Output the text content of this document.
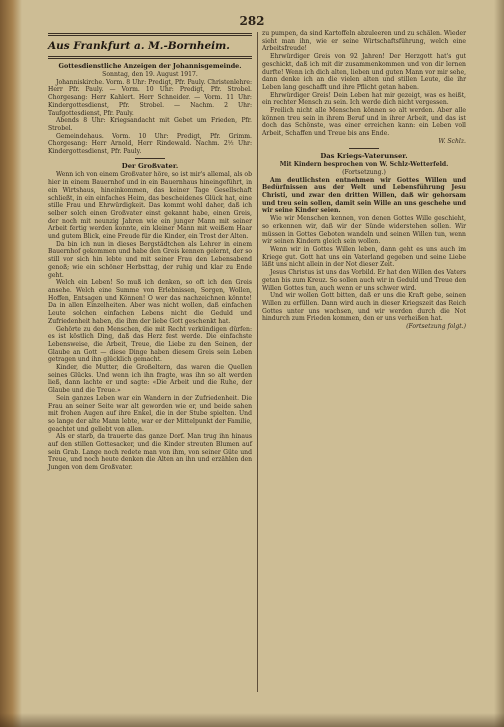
282
Aus Frankfurt a. M.-Bornheim.
Gottesdienstliche Anzeigen der Johannisgemeinde.
Sonntag, den 19. August 1917.

Johanniskirche. Vorm. 8 Uhr: Predigt, Pfr. Pauly. Christenlehre: Herr Pfr. Pauly. — Vorm. 10 Uhr: Predigt, Pfr. Strobel. Chorgesang: Herr Kahlert. Herr Schneider. — Vorm. 11 Uhr: Kindergottesdienst, Pfr. Strobel. — Nachm. 2 Uhr: Taufgottesdienst, Pfr. Pauly.

Abends 8 Uhr: Kriegsandacht mit Gebet um Frieden, Pfr. Strobel.

Gemeindehaus. Vorm. 10 Uhr: Predigt, Pfr. Grimm. Chorgesang: Herr Arnold, Herr Rindewald. Nachm. 2½ Uhr: Kindergottesdienst, Pfr. Pauly.

Der Großvater.

Wenn ich von einem Großvater höre, so ist mir's allemal, als ob hier in einem Bauernhof und in ein Bauernhaus hineingeführt, in ein Wirtshaus, hineinkommen, das keiner Tage Gesellschaft schließt, in ein einfaches Heim, das bescheidenes Glück hat, eine stille Frau und Ehrwürdigkeit. Das kommt wohl daher, daß ich selber solch einen Großvater einst gekannt habe, einen Greis, der noch mit neunzig Jahren wie ein junger Mann mit seiner Arbeit fertig werden konnte, ein kleiner Mann mit weißem Haar und gutem Blick, eine Freude für die Kinder, ein Trost der Alten.

Da bin ich nun in dieses Bergstädtchen als Lehrer in einem Bauernhof gekommen und habe den Greis kennen gelernt, der so still vor sich hin lebte und mit seiner Frau den Lebensabend genoß; wie ein schöner Herbsttag, der ruhig und klar zu Ende geht.

Welch ein Leben! So muß ich denken, so oft ich den Greis ansehe. Welch eine Summe von Erlebnissen, Sorgen, Wollen, Hoffen, Entsagen und Können! O wer das nachzeichnen könnte! Da in allen Einzelheiten. Aber was nicht wollen, daß einfachen Leute solchen einfachen Lebens nicht die Geduld und Zufriedenheit haben, die ihm der liebe Gott geschenkt hat.

Gehörte zu den Menschen, die mit Recht verkündigen dürfen: es ist köstlich Ding, daß das Herz fest werde. Die einfachste Lebensweise, die Arbeit, Treue, die Liebe zu den Seinen, der Glaube an Gott — diese Dinge haben diesem Greis sein Leben getragen und ihn glücklich gemacht.

Kinder, die Mutter, die Großeltern, das waren die Quellen seines Glücks. Und wenn ich ihn fragte, was ihn so alt werden ließ, dann lachte er und sagte: «Die Arbeit und die Ruhe, der Glaube und die Treue.»

Sein ganzes Leben war ein Wandern in der Zufriedenheit. Die Frau an seiner Seite war alt geworden wie er, und beide sahen mit frohen Augen auf ihre Enkel, die in der Stube spielten. Und so lange der alte Mann lebte, war er der Mittelpunkt der Familie, geachtet und geliebt von allen.

Als er starb, da trauerte das ganze Dorf. Man trug ihn hinaus auf den stillen Gottesacker, und die Kinder streuten Blumen auf sein Grab. Lange noch redete man von ihm, von seiner Güte und Treue, und noch heute denken die Alten an ihn und erzählen den Jungen von dem Großvater.

zu pumpen, da sind Kartoffeln abzuleeren und zu schälen. Wieder sieht man ihn, wie er seine Wirtschaftsführung, welch eine Arbeitsfreude!

Ehrwürdiger Greis von 92 Jahren! Der Herzgott hat's gut geschickt, daß ich mit dir zusammenkommen und von dir lernen durfte! Wenn ich dich alten, lieben und guten Mann vor mir sehe, dann denke ich an die vielen alten und stillen Leute, die ihr Leben lang geschafft und ihre Pflicht getan haben.

Ehrwürdiger Greis! Dein Leben hat mir gezeigt, was es heißt, ein rechter Mensch zu sein. Ich werde dich nicht vergessen.

Freilich nicht alle Menschen können so alt werden. Aber alle können treu sein in ihrem Beruf und in ihrer Arbeit, und das ist doch das Schönste, was einer erreichen kann: ein Leben voll Arbeit, Schaffen und Treue bis ans Ende.

W. Schlz.
Das Kriegs-Vaterunser.
Mit Kindern besprochen von W. Schlz-Wetterfeld.
(Fortsetzung.)

Am deutlichsten entnehmen wir Gottes Willen und Bedürfnissen aus der Welt und Lebensführung Jesu Christi, und zwar den dritten Willen, daß wir gehorsam und treu sein sollen, damit sein Wille an uns geschehe und wir seine Kinder seien.

Wie wir Menschen kennen, von denen Gottes Wille geschieht, so erkennen wir, daß wir der Sünde widerstehen sollen. Wir müssen in Gottes Geboten wandeln und seinen Willen tun, wenn wir seinen Kindern gleich sein wollen.

Wenn wir in Gottes Willen leben, dann geht es uns auch im Kriege gut. Gott hat uns ein Vaterland gegeben und seine Liebe läßt uns nicht allein in der Not dieser Zeit.

Jesus Christus ist uns das Vorbild. Er hat den Willen des Vaters getan bis zum Kreuz. So sollen auch wir in Geduld und Treue den Willen Gottes tun, auch wenn er uns schwer wird.

Und wir wollen Gott bitten, daß er uns die Kraft gebe, seinen Willen zu erfüllen. Dann wird auch in dieser Kriegszeit das Reich Gottes unter uns wachsen, und wir werden durch die Not hindurch zum Frieden kommen, den er uns verheißen hat.

(Fortsetzung folgt.)
